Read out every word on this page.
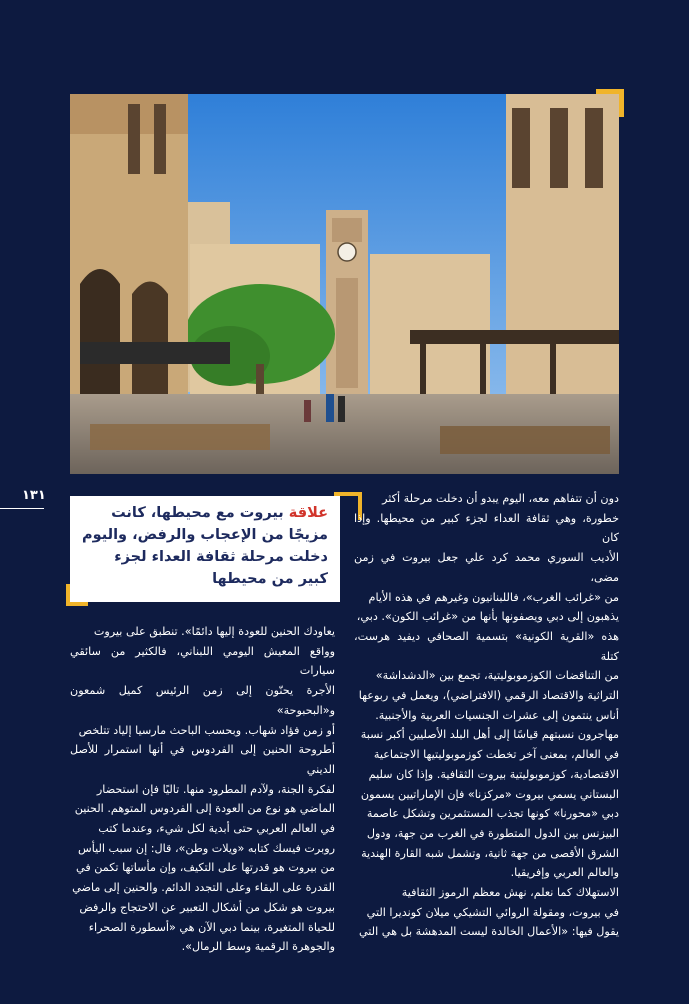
١٣١
علاقة بيروت مع محيطها، كانت مزيجًا من الإعجاب والرفض، واليوم دخلت مرحلة ثقافة العداء لجزء كبير من محيطها
دون أن تتفاهم معه، اليوم يبدو أن دخلت مرحلة أكثر
خطورة، وهي ثقافة العداء لجزء كبير من محيطها. وإذا كان
الأديب السوري محمد كرد علي جعل بيروت في زمن مضى،
من «غرائب الغرب»، فاللبنانيون وغيرهم في هذه الأيام
يذهبون إلى دبي ويصفونها بأنها من «غرائب الكون». دبي،
هذه «القرية الكونية» بتسمية الصحافي ديفيد هرست، كتلة
من التناقضات الكوزموبوليتية، تجمع بين «الدشداشة»
التراثية والاقتصاد الرقمي (الافتراضي)، ويعمل في ربوعها
أناس ينتمون إلى عشرات الجنسيات العربية والأجنبية.
مهاجرون نسبتهم قياسًا إلى أهل البلد الأصليين أكبر نسبة
في العالم، بمعنى آخر تخطت كوزموبوليتيها الاجتماعية
الاقتصادية، كوزموبوليتية بيروت الثقافية. وإذا كان سليم
البستاني يسمي بيروت «مركزنا» فإن الإماراتيين يسمون
دبي «محورنا» كونها تجذب المستثمرين وتشكل عاصمة
البيزنس بين الدول المتطورة في الغرب من جهة، ودول
الشرق الأقصى من جهة ثانية، وتشمل شبه القارة الهندية
والعالم العربي وإفريقيا.
الاستهلاك كما نعلم، نهش معظم الرموز الثقافية
في بيروت، ومقولة الروائي التشيكي ميلان كونديرا التي
يقول فيها: «الأعمال الخالدة ليست المدهشة بل هي التي
يعاودك الحنين للعودة إليها دائمًا». تنطبق على بيروت
وواقع المعيش اليومي اللبناني، فالكثير من سائقي سيارات
الأجرة يحنّون إلى زمن الرئيس كميل شمعون و«البحبوحة»
أو زمن فؤاد شهاب. وبحسب الباحث مارسيا إلياد تتلخص
أطروحة الحنين إلى الفردوس في أنها استمرار للأصل الديني
لفكرة الجنة، ولآدم المطرود منها. تاليًا فإن استحضار
الماضي هو نوع من العودة إلى الفردوس المتوهم. الحنين
في العالم العربي حتى أبدية لكل شيء، وعندما كتب
روبرت فيسك كتابه «ويلات وطن»، قال: إن سبب اليأس
من بيروت هو قدرتها على التكيف، وإن مأساتها تكمن في
القدرة على البقاء وعلى التجدد الدائم. والحنين إلى ماضي
بيروت هو شكل من أشكال التعبير عن الاحتجاج والرفض
للحياة المتغيرة، بينما دبي الآن هي «أسطورة الصحراء
والجوهرة الرقمية وسط الرمال».
